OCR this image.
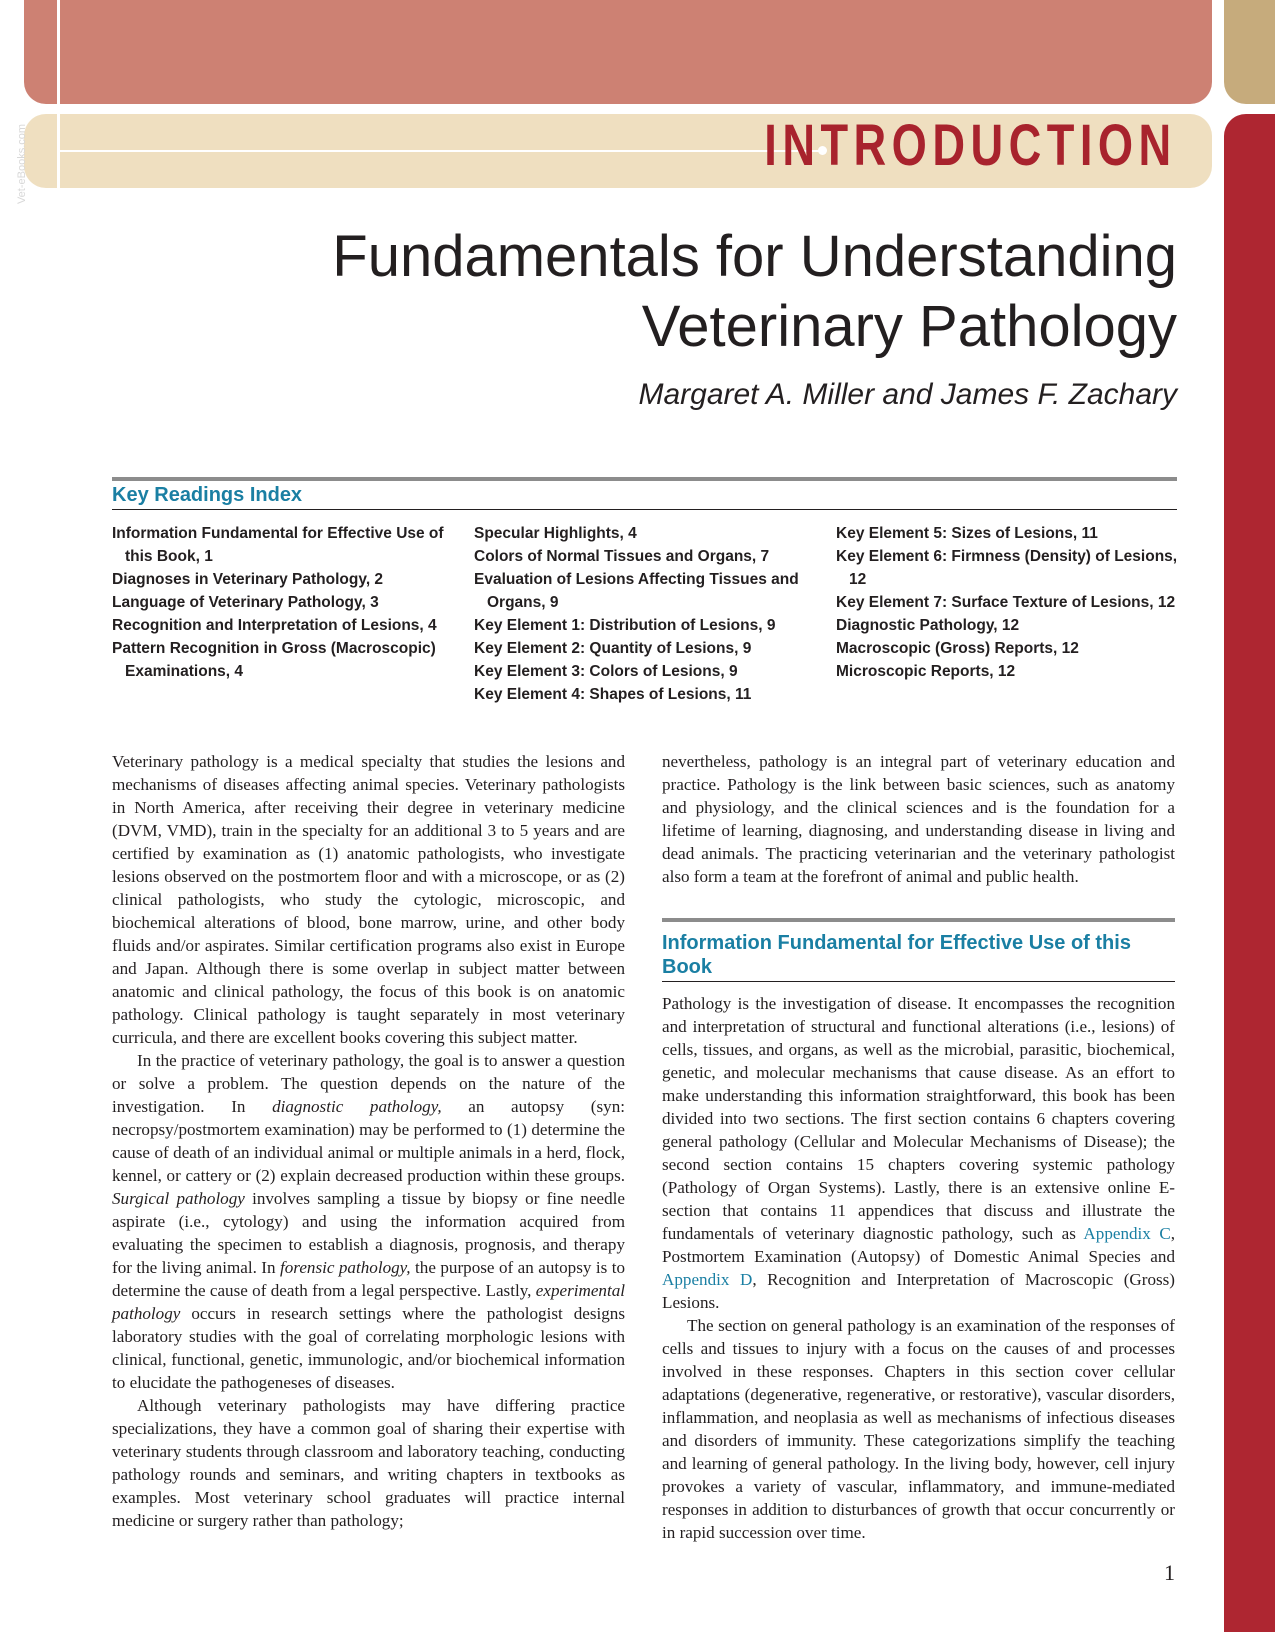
Vet-eBooks.com	INTRODUCTION
Fundamentals for Understanding
Veterinary Pathology
Margaret A. Miller and James F. Zachary
Key Readings Index
Information Fundamental for Effective Use of this Book, 1
Diagnoses in Veterinary Pathology, 2
Language of Veterinary Pathology, 3
Recognition and Interpretation of Lesions, 4
Pattern Recognition in Gross (Macroscopic) Examinations, 4
Specular Highlights, 4
Colors of Normal Tissues and Organs, 7
Evaluation of Lesions Affecting Tissues and Organs, 9
Key Element 1: Distribution of Lesions, 9
Key Element 2: Quantity of Lesions, 9
Key Element 3: Colors of Lesions, 9
Key Element 4: Shapes of Lesions, 11
Key Element 5: Sizes of Lesions, 11
Key Element 6: Firmness (Density) of Lesions, 12
Key Element 7: Surface Texture of Lesions, 12
Diagnostic Pathology, 12
Macroscopic (Gross) Reports, 12
Microscopic Reports, 12

Veterinary pathology is a medical specialty that studies the lesions and mechanisms of diseases affecting animal species. Veterinary pathologists in North America, after receiving their degree in veterinary medicine (DVM, VMD), train in the specialty for an additional 3 to 5 years and are certified by examination as (1) anatomic pathologists, who investigate lesions observed on the postmortem floor and with a microscope, or as (2) clinical pathologists, who study the cytologic, microscopic, and biochemical alterations of blood, bone marrow, urine, and other body fluids and/or aspirates. Similar certification programs also exist in Europe and Japan. Although there is some overlap in subject matter between anatomic and clinical pathology, the focus of this book is on anatomic pathology. Clinical pathology is taught separately in most veterinary curricula, and there are excellent books covering this subject matter.

In the practice of veterinary pathology, the goal is to answer a question or solve a problem. The question depends on the nature of the investigation. In diagnostic pathology, an autopsy (syn: necropsy/postmortem examination) may be performed to (1) determine the cause of death of an individual animal or multiple animals in a herd, flock, kennel, or cattery or (2) explain decreased production within these groups. Surgical pathology involves sampling a tissue by biopsy or fine needle aspirate (i.e., cytology) and using the information acquired from evaluating the specimen to establish a diagnosis, prognosis, and therapy for the living animal. In forensic pathology, the purpose of an autopsy is to determine the cause of death from a legal perspective. Lastly, experimental pathology occurs in research settings where the pathologist designs laboratory studies with the goal of correlating morphologic lesions with clinical, functional, genetic, immunologic, and/or biochemical information to elucidate the pathogeneses of diseases.

Although veterinary pathologists may have differing practice specializations, they have a common goal of sharing their expertise with veterinary students through classroom and laboratory teaching, conducting pathology rounds and seminars, and writing chapters in textbooks as examples. Most veterinary school graduates will practice internal medicine or surgery rather than pathology;

nevertheless, pathology is an integral part of veterinary education and practice. Pathology is the link between basic sciences, such as anatomy and physiology, and the clinical sciences and is the foundation for a lifetime of learning, diagnosing, and understanding disease in living and dead animals. The practicing veterinarian and the veterinary pathologist also form a team at the forefront of animal and public health.

Information Fundamental for Effective Use of this Book

Pathology is the investigation of disease. It encompasses the recognition and interpretation of structural and functional alterations (i.e., lesions) of cells, tissues, and organs, as well as the microbial, parasitic, biochemical, genetic, and molecular mechanisms that cause disease. As an effort to make understanding this information straightforward, this book has been divided into two sections. The first section contains 6 chapters covering general pathology (Cellular and Molecular Mechanisms of Disease); the second section contains 15 chapters covering systemic pathology (Pathology of Organ Systems). Lastly, there is an extensive online E-section that contains 11 appendices that discuss and illustrate the fundamentals of veterinary diagnostic pathology, such as Appendix C, Postmortem Examination (Autopsy) of Domestic Animal Species and Appendix D, Recognition and Interpretation of Macroscopic (Gross) Lesions.

The section on general pathology is an examination of the responses of cells and tissues to injury with a focus on the causes of and processes involved in these responses. Chapters in this section cover cellular adaptations (degenerative, regenerative, or restorative), vascular disorders, inflammation, and neoplasia as well as mechanisms of infectious diseases and disorders of immunity. These categorizations simplify the teaching and learning of general pathology. In the living body, however, cell injury provokes a variety of vascular, inflammatory, and immune-mediated responses in addition to disturbances of growth that occur concurrently or in rapid succession over time.

1
